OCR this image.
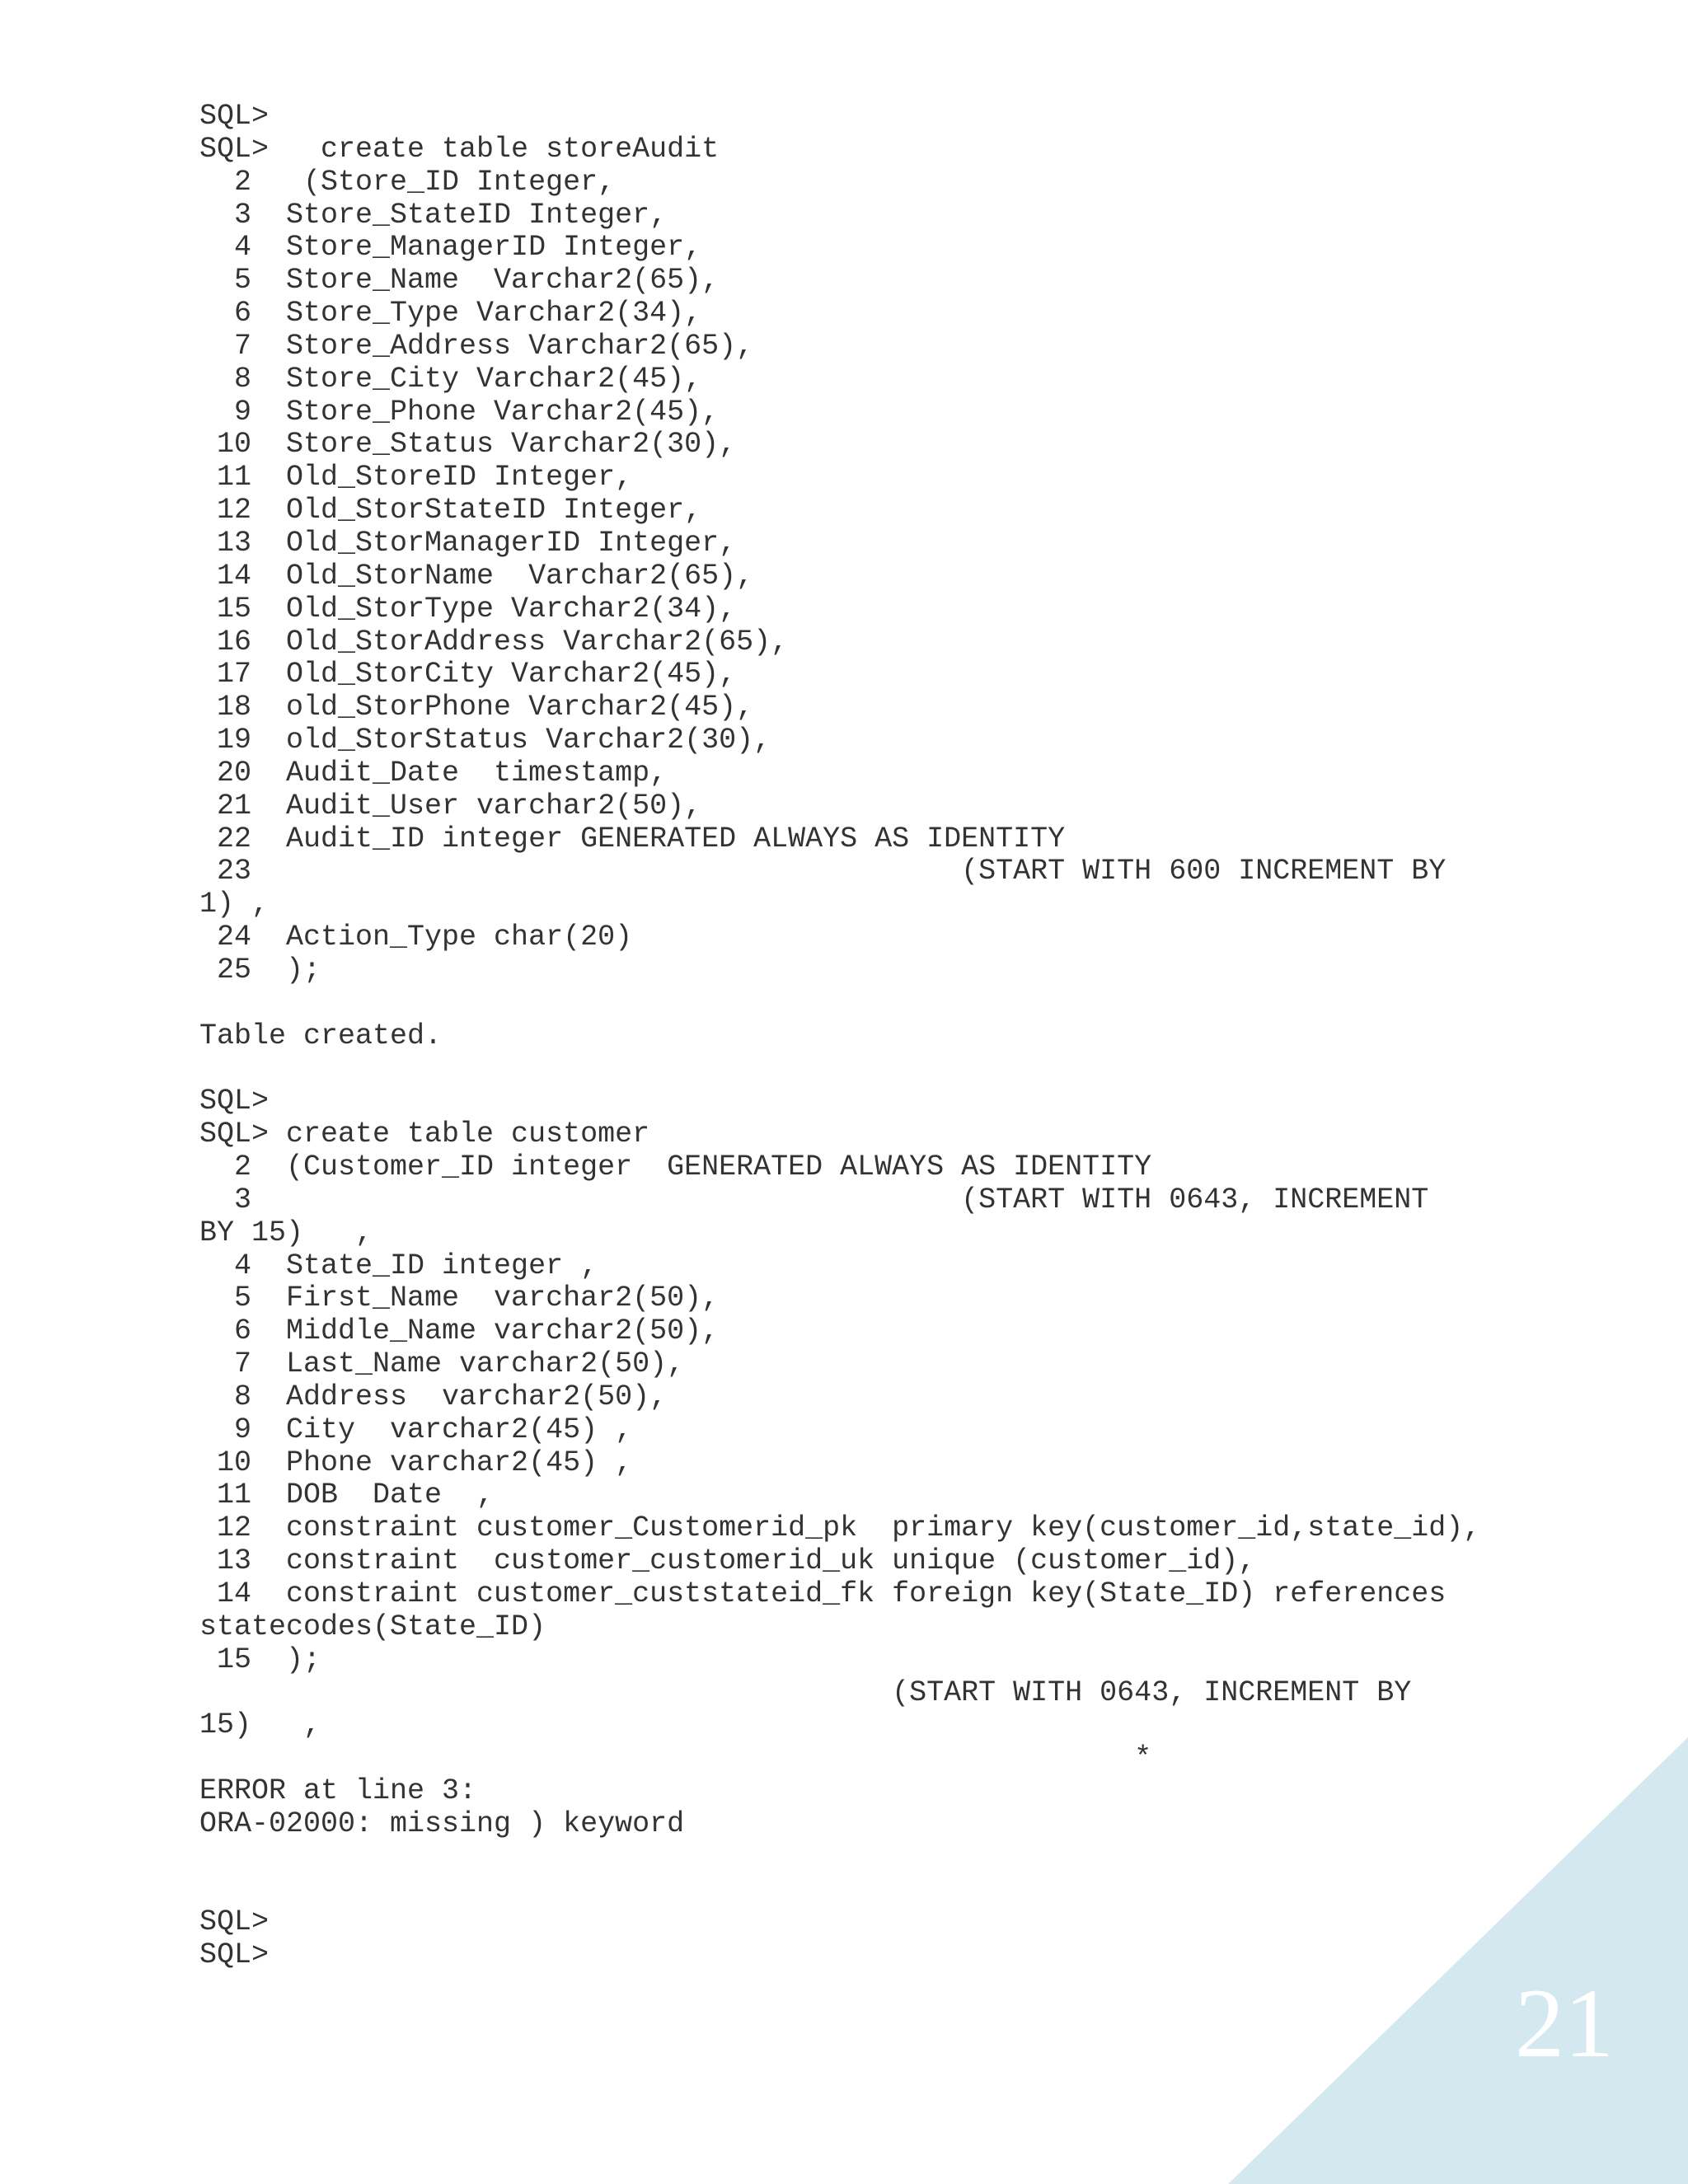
SQL>
SQL>   create table storeAudit
2   (Store_ID Integer,
3  Store_StateID Integer,
4  Store_ManagerID Integer,
5  Store_Name  Varchar2(65),
6  Store_Type Varchar2(34),
7  Store_Address Varchar2(65),
8  Store_City Varchar2(45),
9  Store_Phone Varchar2(45),
10  Store_Status Varchar2(30),
11  Old_StoreID Integer,
12  Old_StorStateID Integer,
13  Old_StorManagerID Integer,
14  Old_StorName  Varchar2(65),
15  Old_StorType Varchar2(34),
16  Old_StorAddress Varchar2(65),
17  Old_StorCity Varchar2(45),
18  old_StorPhone Varchar2(45),
19  old_StorStatus Varchar2(30),
20  Audit_Date  timestamp,
21  Audit_User varchar2(50),
22  Audit_ID integer GENERATED ALWAYS AS IDENTITY
23                                         (START WITH 600 INCREMENT BY
1) ,
24  Action_Type char(20)
25  );
Table created.
SQL>
SQL> create table customer
2  (Customer_ID integer  GENERATED ALWAYS AS IDENTITY
3                                         (START WITH 0643, INCREMENT
BY 15)   ,
4  State_ID integer ,
5  First_Name  varchar2(50),
6  Middle_Name varchar2(50),
7  Last_Name varchar2(50),
8  Address  varchar2(50),
9  City  varchar2(45) ,
10  Phone varchar2(45) ,
11  DOB  Date  ,
12  constraint customer_Customerid_pk  primary key(customer_id,state_id),
13  constraint  customer_customerid_uk unique (customer_id),
14  constraint customer_custstateid_fk foreign key(State_ID) references
statecodes(State_ID)
15  );
(START WITH 0643, INCREMENT BY
15)   ,
*
ERROR at line 3:
ORA-02000: missing ) keyword
SQL>
SQL>
21
